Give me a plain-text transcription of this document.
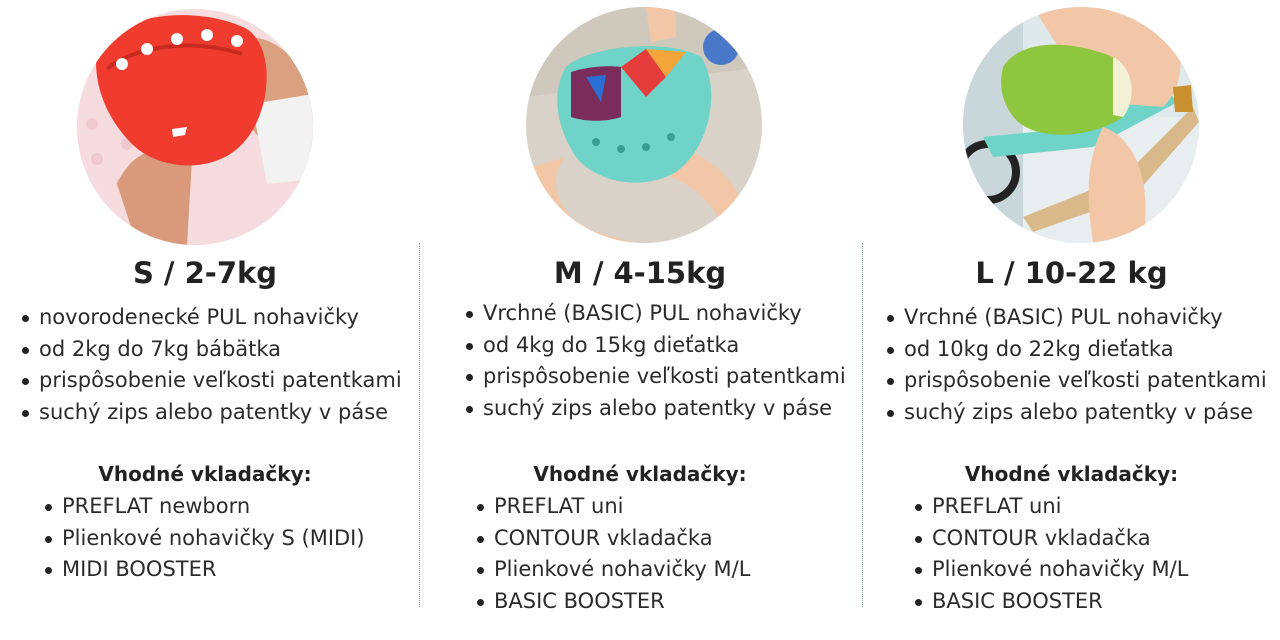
S / 2-7kg
novorodenecké PUL nohavičky
od 2kg do 7kg bábätka
prispôsobenie veľkosti patentkami
suchý zips alebo patentky v páse
Vhodné vkladačky:
PREFLAT newborn
Plienkové nohavičky S (MIDI)
MIDI BOOSTER
M / 4-15kg
Vrchné (BASIC) PUL nohavičky
od 4kg do 15kg dieťatka
prispôsobenie veľkosti patentkami
suchý zips alebo patentky v páse
Vhodné vkladačky:
PREFLAT uni
CONTOUR vkladačka
Plienkové nohavičky M/L
BASIC BOOSTER
L / 10-22 kg
Vrchné (BASIC) PUL nohavičky
od 10kg do 22kg dieťatka
prispôsobenie veľkosti patentkami
suchý zips alebo patentky v páse
Vhodné vkladačky:
PREFLAT uni
CONTOUR vkladačka
Plienkové nohavičky M/L
BASIC BOOSTER
